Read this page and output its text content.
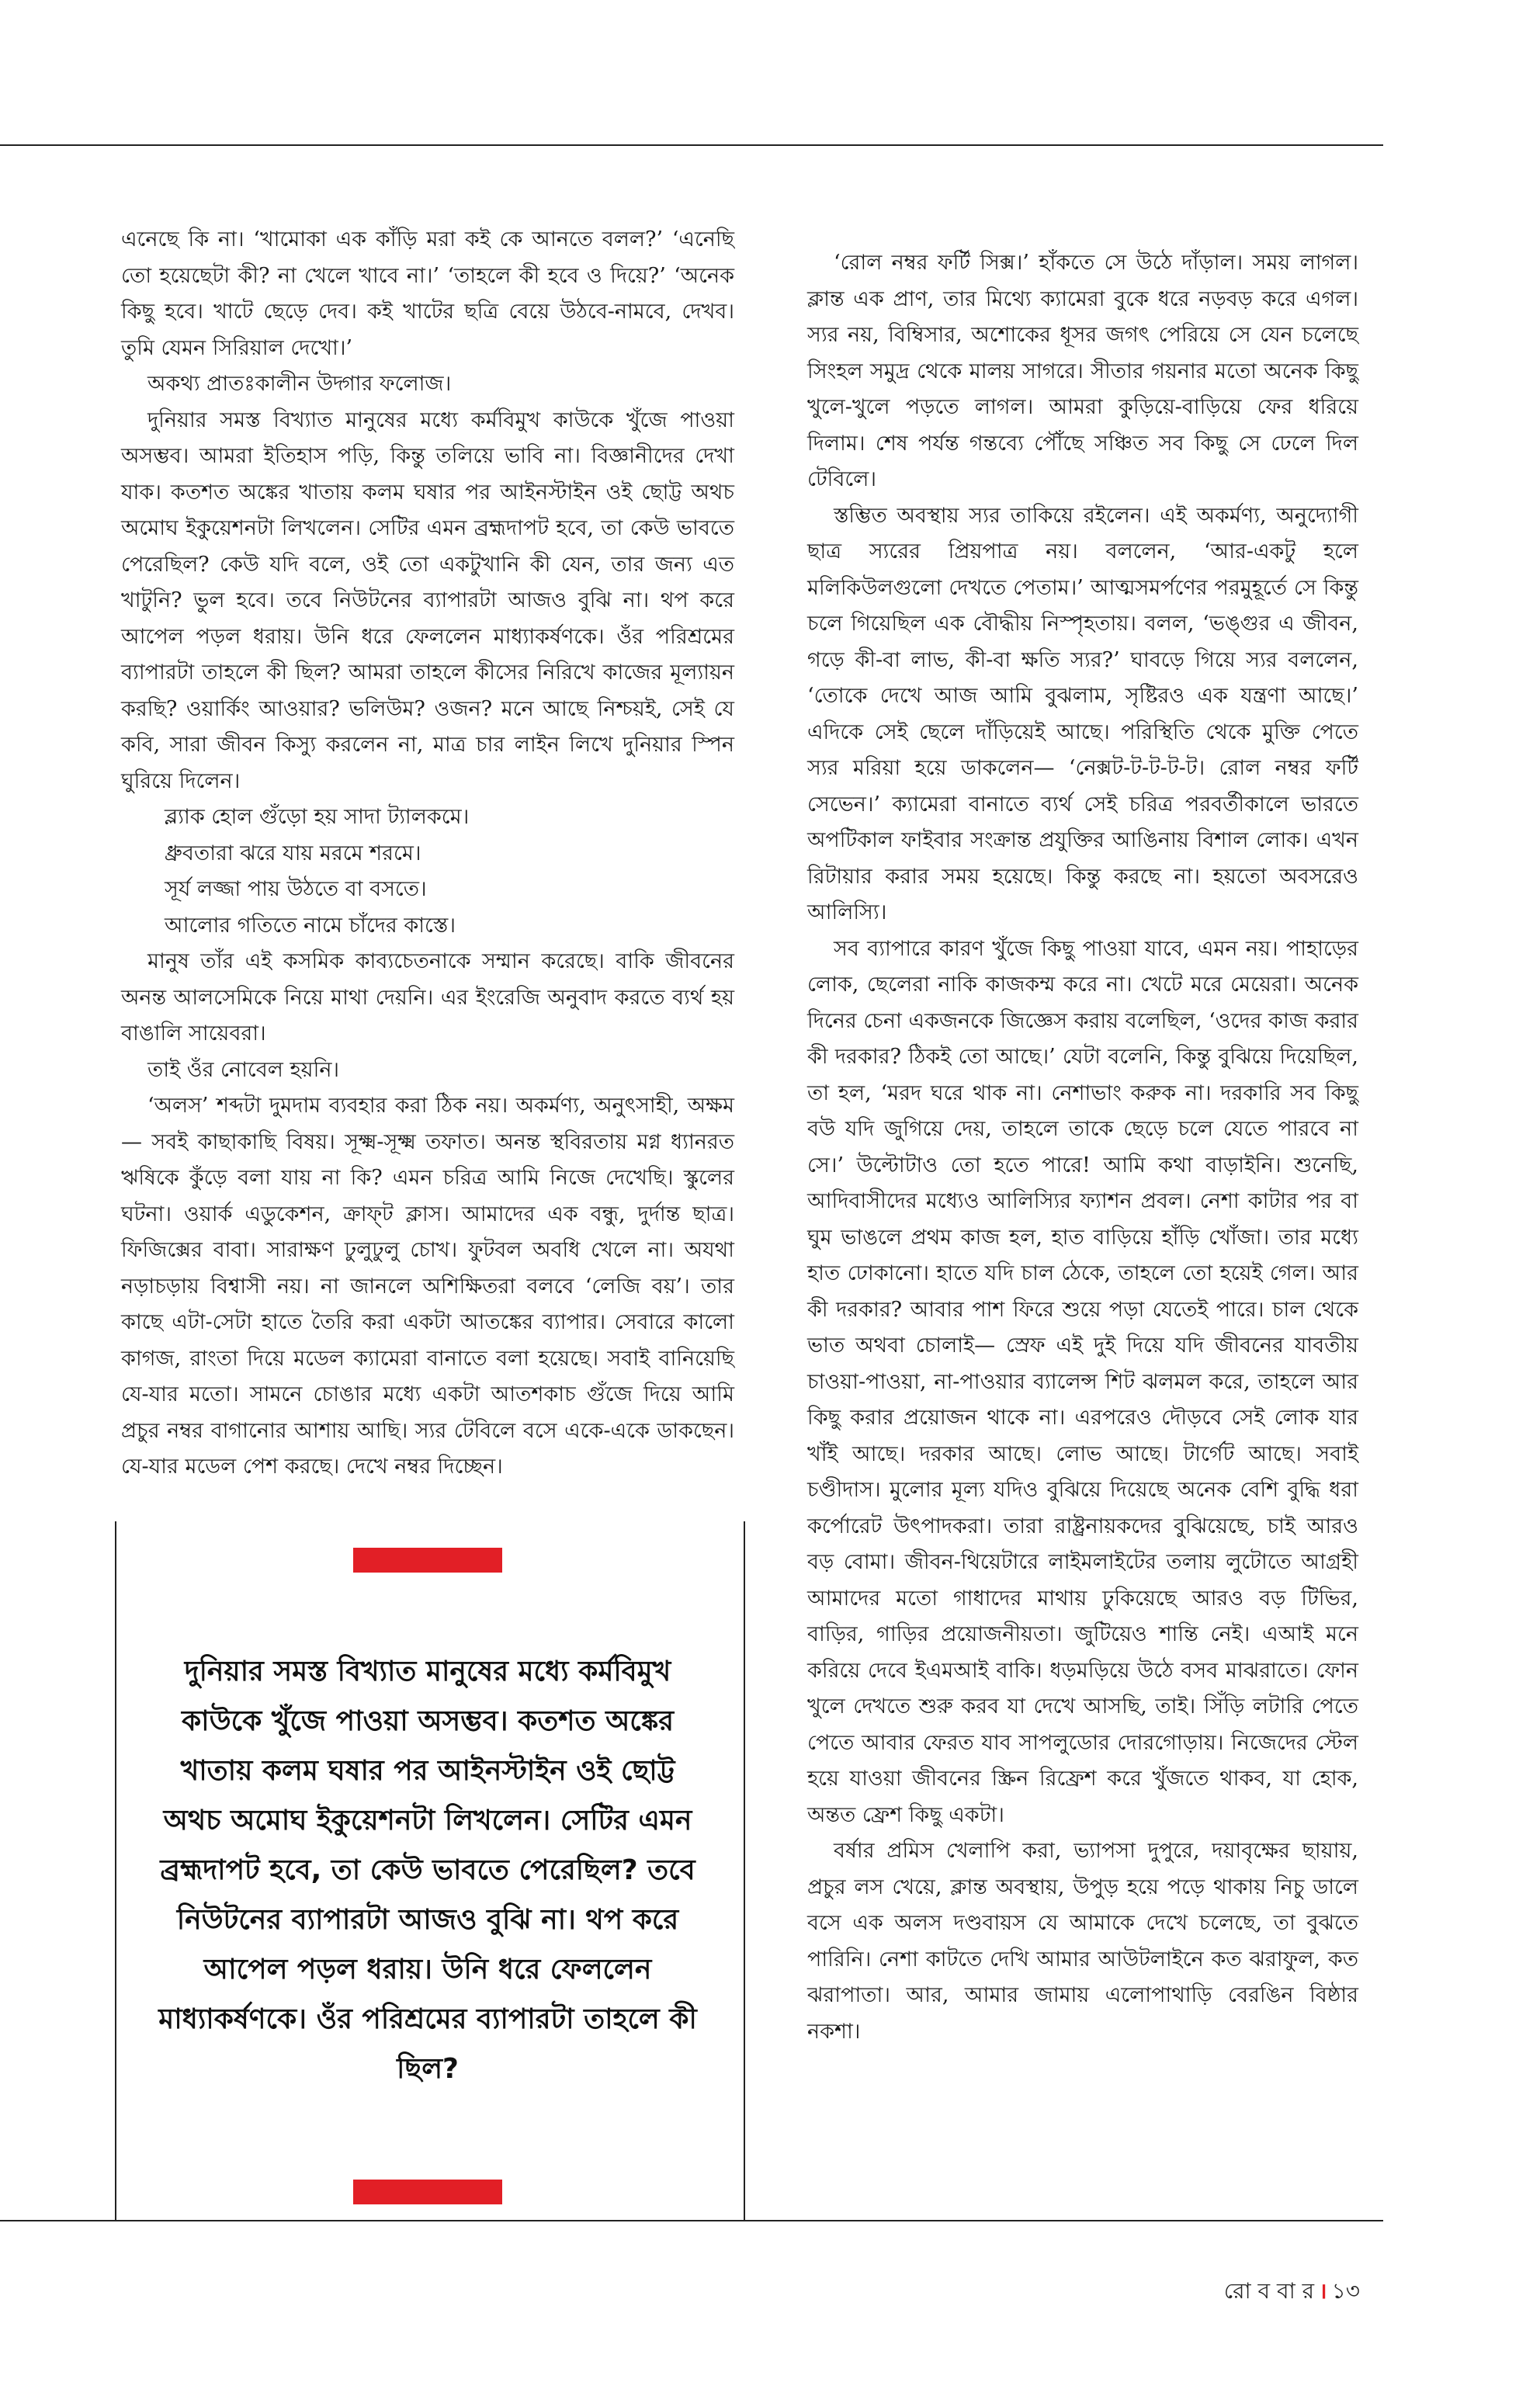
এনেছে কি না। ‘খামোকা এক কাঁড়ি মরা কই কে আনতে বলল?’ ‘এনেছি তো হয়েছেটা কী? না খেলে খাবে না।’ ‘তাহলে কী হবে ও দিয়ে?’ ‘অনেক কিছু হবে। খাটে ছেড়ে দেব। কই খাটের ছত্রি বেয়ে উঠবে-নামবে, দেখব। তুমি যেমন সিরিয়াল দেখো।’

অকথ্য প্রাতঃকালীন উদ্গার ফলোজ।

দুনিয়ার সমস্ত বিখ্যাত মানুষের মধ্যে কর্মবিমুখ কাউকে খুঁজে পাওয়া অসম্ভব। আমরা ইতিহাস পড়ি, কিন্তু তলিয়ে ভাবি না। বিজ্ঞানীদের দেখা যাক। কতশত অঙ্কের খাতায় কলম ঘষার পর আইনস্টাইন ওই ছোট্ট অথচ অমোঘ ইকুয়েশনটা লিখলেন। সেটির এমন ব্রহ্মদাপট হবে, তা কেউ ভাবতে পেরেছিল? কেউ যদি বলে, ওই তো একটুখানি কী যেন, তার জন্য এত খাটুনি? ভুল হবে। তবে নিউটনের ব্যাপারটা আজও বুঝি না। থপ করে আপেল পড়ল ধরায়। উনি ধরে ফেললেন মাধ্যাকর্ষণকে। ওঁর পরিশ্রমের ব্যাপারটা তাহলে কী ছিল? আমরা তাহলে কীসের নিরিখে কাজের মূল্যায়ন করছি? ওয়ার্কিং আওয়ার? ভলিউম? ওজন? মনে আছে নিশ্চয়ই, সেই যে কবি, সারা জীবন কিস্যু করলেন না, মাত্র চার লাইন লিখে দুনিয়ার স্পিন ঘুরিয়ে দিলেন।

ব্ল্যাক হোল গুঁড়ো হয় সাদা ট্যালকমে।

ধ্রুবতারা ঝরে যায় মরমে শরমে।

সূর্য লজ্জা পায় উঠতে বা বসতে।

আলোর গতিতে নামে চাঁদের কাস্তে।

মানুষ তাঁর এই কসমিক কাব্যচেতনাকে সম্মান করেছে। বাকি জীবনের অনন্ত আলসেমিকে নিয়ে মাথা দেয়নি। এর ইংরেজি অনুবাদ করতে ব্যর্থ হয় বাঙালি সায়েবরা।

তাই ওঁর নোবেল হয়নি।

‘অলস’ শব্দটা দুমদাম ব্যবহার করা ঠিক নয়। অকর্মণ্য, অনুৎসাহী, অক্ষম— সবই কাছাকাছি বিষয়। সূক্ষ্ম-সূক্ষ্ম তফাত। অনন্ত স্থবিরতায় মগ্ন ধ্যানরত ঋষিকে কুঁড়ে বলা যায় না কি? এমন চরিত্র আমি নিজে দেখেছি। স্কুলের ঘটনা। ওয়ার্ক এডুকেশন, ক্রাফ্‌ট ক্লাস। আমাদের এক বন্ধু, দুর্দান্ত ছাত্র। ফিজিক্সের বাবা। সারাক্ষণ ঢুলুঢুলু চোখ। ফুটবল অবধি খেলে না। অযথা নড়াচড়ায় বিশ্বাসী নয়। না জানলে অশিক্ষিতরা বলবে ‘লেজি বয়’। তার কাছে এটা-সেটা হাতে তৈরি করা একটা আতঙ্কের ব্যাপার। সেবারে কালো কাগজ, রাংতা দিয়ে মডেল ক্যামেরা বানাতে বলা হয়েছে। সবাই বানিয়েছি যে-যার মতো। সামনে চোঙার মধ্যে একটা আতশকাচ গুঁজে দিয়ে আমি প্রচুর নম্বর বাগানোর আশায় আছি। স্যর টেবিলে বসে একে-একে ডাকছেন। যে-যার মডেল পেশ করছে। দেখে নম্বর দিচ্ছেন।

দুনিয়ার সমস্ত বিখ্যাত মানুষের মধ্যে কর্মবিমুখ কাউকে খুঁজে পাওয়া অসম্ভব। কতশত অঙ্কের খাতায় কলম ঘষার পর আইনস্টাইন ওই ছোট্ট অথচ অমোঘ ইকুয়েশনটা লিখলেন। সেটির এমন ব্রহ্মদাপট হবে, তা কেউ ভাবতে পেরেছিল? তবে নিউটনের ব্যাপারটা আজও বুঝি না। থপ করে আপেল পড়ল ধরায়। উনি ধরে ফেললেন মাধ্যাকর্ষণকে। ওঁর পরিশ্রমের ব্যাপারটা তাহলে কী ছিল?

‘রোল নম্বর ফর্টি সিক্স।’ হাঁকতে সে উঠে দাঁড়াল। সময় লাগল। ক্লান্ত এক প্রাণ, তার মিথ্যে ক্যামেরা বুকে ধরে নড়বড় করে এগল। স্যর নয়, বিম্বিসার, অশোকের ধূসর জগৎ পেরিয়ে সে যেন চলেছে সিংহল সমুদ্র থেকে মালয় সাগরে। সীতার গয়নার মতো অনেক কিছু খুলে-খুলে পড়তে লাগল। আমরা কুড়িয়ে-বাড়িয়ে ফের ধরিয়ে দিলাম। শেষ পর্যন্ত গন্তব্যে পৌঁছে সঞ্চিত সব কিছু সে ঢেলে দিল টেবিলে।

স্তম্ভিত অবস্থায় স্যর তাকিয়ে রইলেন। এই অকর্মণ্য, অনুদ্যোগী ছাত্র স্যরের প্রিয়পাত্র নয়। বললেন, ‘আর-একটু হলে মলিকিউলগুলো দেখতে পেতাম।’ আত্মসমর্পণের পরমুহূর্তে সে কিন্তু চলে গিয়েছিল এক বৌদ্ধীয় নিস্পৃহতায়। বলল, ‘ভঙ্গুর এ জীবন, গড়ে কী-বা লাভ, কী-বা ক্ষতি স্যর?’ ঘাবড়ে গিয়ে স্যর বললেন, ‘তোকে দেখে আজ আমি বুঝলাম, সৃষ্টিরও এক যন্ত্রণা আছে।’ এদিকে সেই ছেলে দাঁড়িয়েই আছে। পরিস্থিতি থেকে মুক্তি পেতে স্যর মরিয়া হয়ে ডাকলেন— ‘নেক্সট-ট-ট-ট-ট। রোল নম্বর ফর্টি সেভেন।’ ক্যামেরা বানাতে ব্যর্থ সেই চরিত্র পরবর্তীকালে ভারতে অপটিকাল ফাইবার সংক্রান্ত প্রযুক্তির আঙিনায় বিশাল লোক। এখন রিটায়ার করার সময় হয়েছে। কিন্তু করছে না। হয়তো অবসরেও আলিস্যি।

সব ব্যাপারে কারণ খুঁজে কিছু পাওয়া যাবে, এমন নয়। পাহাড়ের লোক, ছেলেরা নাকি কাজকম্ম করে না। খেটে মরে মেয়েরা। অনেক দিনের চেনা একজনকে জিজ্ঞেস করায় বলেছিল, ‘ওদের কাজ করার কী দরকার? ঠিকই তো আছে।’ যেটা বলেনি, কিন্তু বুঝিয়ে দিয়েছিল, তা হল, ‘মরদ ঘরে থাক না। নেশাভাং করুক না। দরকারি সব কিছু বউ যদি জুগিয়ে দেয়, তাহলে তাকে ছেড়ে চলে যেতে পারবে না সে।’ উল্টোটাও তো হতে পারে! আমি কথা বাড়াইনি। শুনেছি, আদিবাসীদের মধ্যেও আলিস্যির ফ্যাশন প্রবল। নেশা কাটার পর বা ঘুম ভাঙলে প্রথম কাজ হল, হাত বাড়িয়ে হাঁড়ি খোঁজা। তার মধ্যে হাত ঢোকানো। হাতে যদি চাল ঠেকে, তাহলে তো হয়েই গেল। আর কী দরকার? আবার পাশ ফিরে শুয়ে পড়া যেতেই পারে। চাল থেকে ভাত অথবা চোলাই— স্রেফ এই দুই দিয়ে যদি জীবনের যাবতীয় চাওয়া-পাওয়া, না-পাওয়ার ব্যালেন্স শিট ঝলমল করে, তাহলে আর কিছু করার প্রয়োজন থাকে না। এরপরেও দৌড়বে সেই লোক যার খাঁই আছে। দরকার আছে। লোভ আছে। টার্গেট আছে। সবাই চণ্ডীদাস। মুলোর মূল্য যদিও বুঝিয়ে দিয়েছে অনেক বেশি বুদ্ধি ধরা কর্পোরেট উৎপাদকরা। তারা রাষ্ট্রনায়কদের বুঝিয়েছে, চাই আরও বড় বোমা। জীবন-থিয়েটারে লাইমলাইটের তলায় লুটোতে আগ্রহী আমাদের মতো গাধাদের মাথায় ঢুকিয়েছে আরও বড় টিভির, বাড়ির, গাড়ির প্রয়োজনীয়তা। জুটিয়েও শান্তি নেই। এআই মনে করিয়ে দেবে ইএমআই বাকি। ধড়মড়িয়ে উঠে বসব মাঝরাতে। ফোন খুলে দেখতে শুরু করব যা দেখে আসছি, তাই। সিঁড়ি লটারি পেতে পেতে আবার ফেরত যাব সাপলুডোর দোরগোড়ায়। নিজেদের স্টেল হয়ে যাওয়া জীবনের স্ক্রিন রিফ্রেশ করে খুঁজতে থাকব, যা হোক, অন্তত ফ্রেশ কিছু একটা।

বর্ষার প্রমিস খেলাপি করা, ভ্যাপসা দুপুরে, দয়াবৃক্ষের ছায়ায়, প্রচুর লস খেয়ে, ক্লান্ত অবস্থায়, উপুড় হয়ে পড়ে থাকায় নিচু ডালে বসে এক অলস দণ্ডবায়স যে আমাকে দেখে চলেছে, তা বুঝতে পারিনি। নেশা কাটতে দেখি আমার আউটলাইনে কত ঝরাফুল, কত ঝরাপাতা। আর, আমার জামায় এলোপাথাড়ি বেরঙিন বিষ্ঠার নকশা।

রো ব বা র । ১৩
